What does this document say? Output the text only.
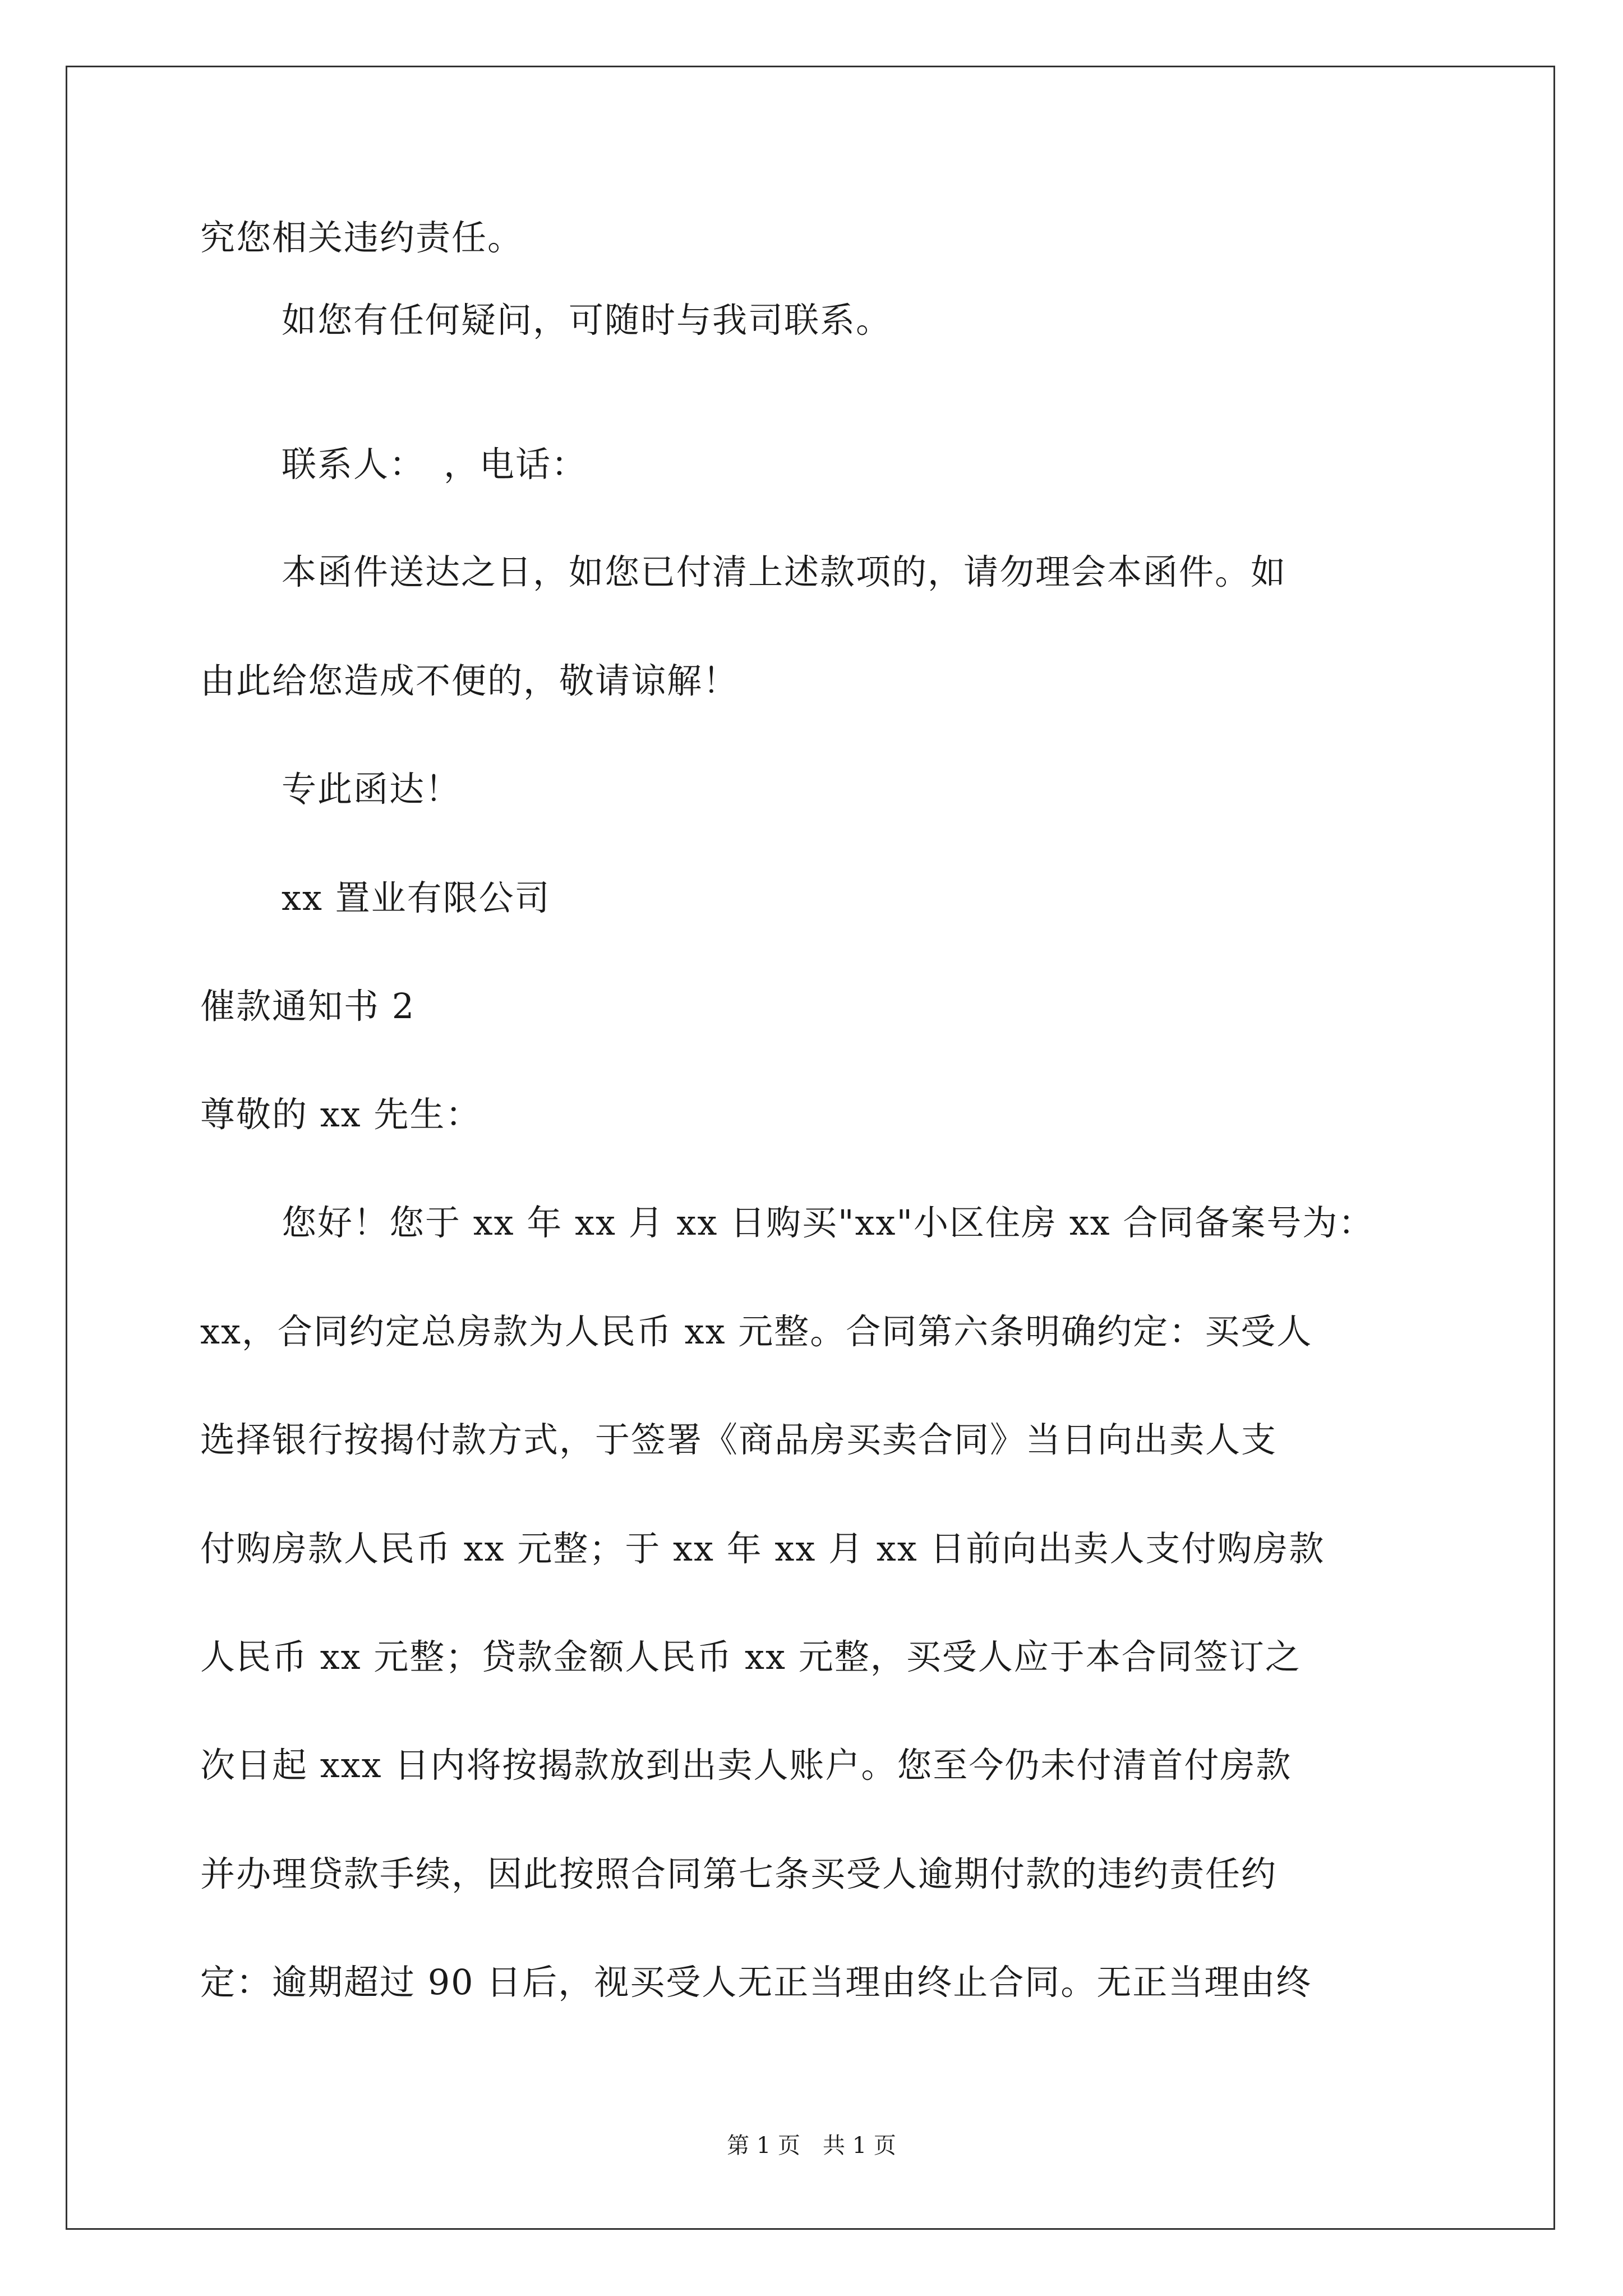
究您相关违约责任。
如您有任何疑问，可随时与我司联系。
联系人：　，电话：
本函件送达之日，如您已付清上述款项的，请勿理会本函件。如
由此给您造成不便的，敬请谅解！
专此函达！
xx 置业有限公司
催款通知书 2
尊敬的 xx 先生：
您好！您于 xx 年 xx 月 xx 日购买"xx"小区住房 xx 合同备案号为：
xx，合同约定总房款为人民币 xx 元整。合同第六条明确约定：买受人
选择银行按揭付款方式，于签署《商品房买卖合同》当日向出卖人支
付购房款人民币 xx 元整；于 xx 年 xx 月 xx 日前向出卖人支付购房款
人民币 xx 元整；贷款金额人民币 xx 元整，买受人应于本合同签订之
次日起 xxx 日内将按揭款放到出卖人账户。您至今仍未付清首付房款
并办理贷款手续，因此按照合同第七条买受人逾期付款的违约责任约
定：逾期超过 90 日后，视买受人无正当理由终止合同。无正当理由终
第 1 页　共 1 页
